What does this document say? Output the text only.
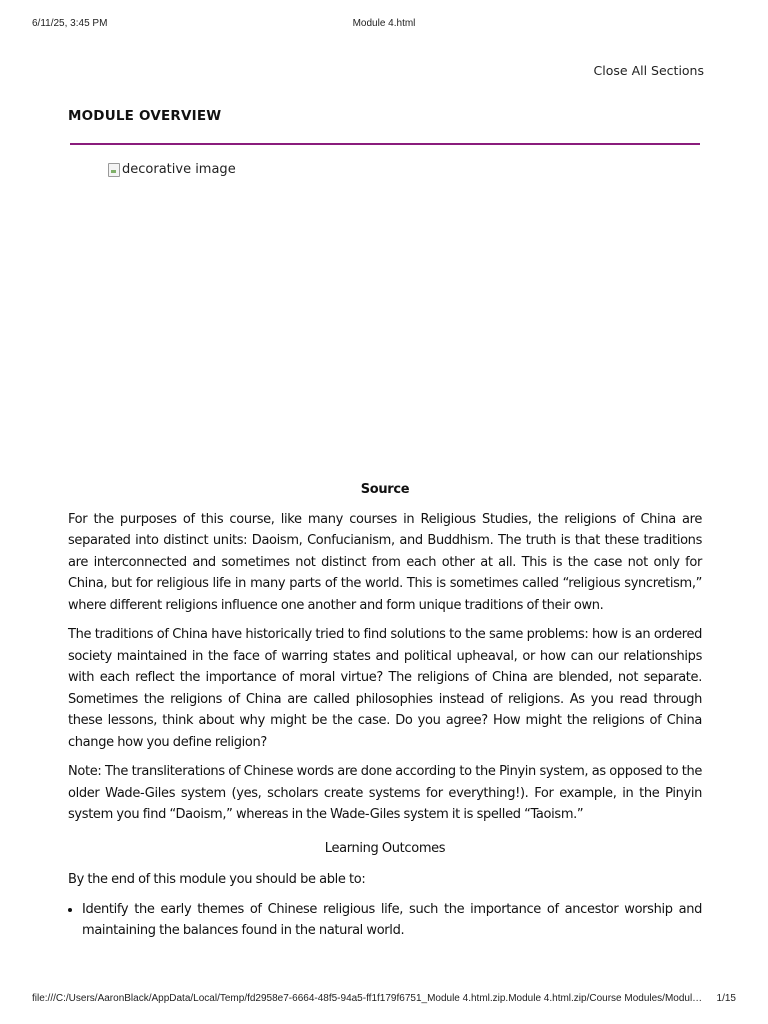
6/11/25, 3:45 PM	Module 4.html
Close All Sections
MODULE OVERVIEW
decorative image
Source

For the purposes of this course, like many courses in Religious Studies, the religions of China are separated into distinct units: Daoism, Confucianism, and Buddhism. The truth is that these traditions are interconnected and sometimes not distinct from each other at all. This is the case not only for China, but for religious life in many parts of the world. This is sometimes called “religious syncretism,” where different religions influence one another and form unique traditions of their own.

The traditions of China have historically tried to find solutions to the same problems: how is an ordered society maintained in the face of warring states and political upheaval, or how can our relationships with each reflect the importance of moral virtue? The religions of China are blended, not separate. Sometimes the religions of China are called philosophies instead of religions. As you read through these lessons, think about why might be the case. Do you agree? How might the religions of China change how you define religion?

Note: The transliterations of Chinese words are done according to the Pinyin system, as opposed to the older Wade-Giles system (yes, scholars create systems for everything!). For example, in the Pinyin system you find “Daoism,” whereas in the Wade-Giles system it is spelled “Taoism.”

Learning Outcomes

By the end of this module you should be able to:

• Identify the early themes of Chinese religious life, such the importance of ancestor worship and maintaining the balances found in the natural world.
file:///C:/Users/AaronBlack/AppData/Local/Temp/fd2958e7-6664-48f5-94a5-ff1f179f6751_Module 4.html.zip.Module 4.html.zip/Course Modules/Modul…	1/15
